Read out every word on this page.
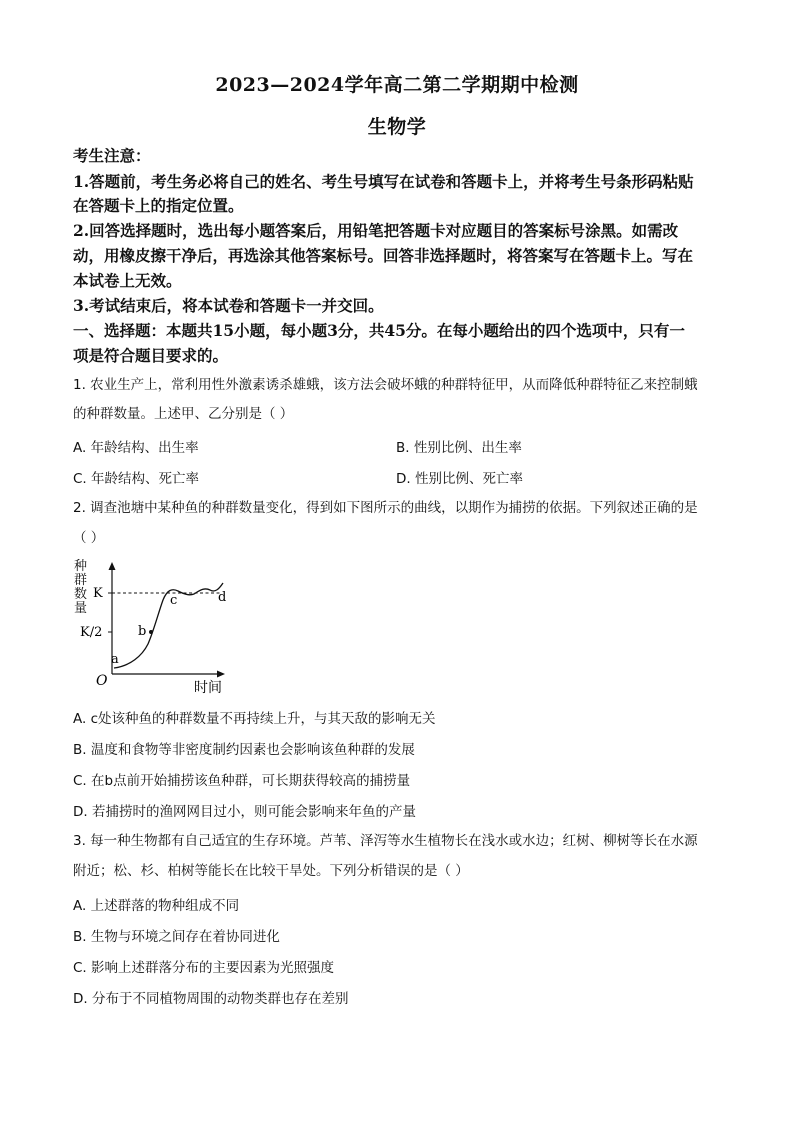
2023—2024学年高二第二学期期中检测
生物学
考生注意：
1.答题前，考生务必将自己的姓名、考生号填写在试卷和答题卡上，并将考生号条形码粘贴
在答题卡上的指定位置。
2.回答选择题时，选出每小题答案后，用铅笔把答题卡对应题目的答案标号涂黑。如需改
动，用橡皮擦干净后，再选涂其他答案标号。回答非选择题时，将答案写在答题卡上。写在
本试卷上无效。
3.考试结束后，将本试卷和答题卡一并交回。
一、选择题：本题共15小题，每小题3分，共45分。在每小题给出的四个选项中，只有一
项是符合题目要求的。
1. 农业生产上，常利用性外激素诱杀雄蛾，该方法会破坏蛾的种群特征甲，从而降低种群特征乙来控制蛾
的种群数量。上述甲、乙分别是（ ）
A. 年龄结构、出生率	B. 性别比例、出生率
C. 年龄结构、死亡率	D. 性别比例、死亡率
2. 调查池塘中某种鱼的种群数量变化，得到如下图所示的曲线，以期作为捕捞的依据。下列叙述正确的是
（ ）
种
群
数
量
K
K/2
O
a
b
c	d
时间
A. c处该种鱼的种群数量不再持续上升，与其天敌的影响无关
B. 温度和食物等非密度制约因素也会影响该鱼种群的发展
C. 在b点前开始捕捞该鱼种群，可长期获得较高的捕捞量
D. 若捕捞时的渔网网目过小，则可能会影响来年鱼的产量
3. 每一种生物都有自己适宜的生存环境。芦苇、泽泻等水生植物长在浅水或水边；红树、柳树等长在水源
附近；松、杉、柏树等能长在比较干旱处。下列分析错误的是（ ）
A. 上述群落的物种组成不同
B. 生物与环境之间存在着协同进化
C. 影响上述群落分布的主要因素为光照强度
D. 分布于不同植物周围的动物类群也存在差别
